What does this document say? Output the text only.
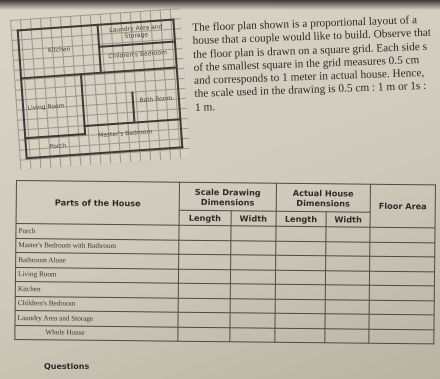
Laundry Area and Storage
Kitchen	Children's Bedroom
Living Room
Bath Room
Master's Bedroom
Porch

The floor plan shown is a proportional layout of a house that a couple would like to build. Observe that the floor plan is drawn on a square grid. Each side s of the smallest square in the grid measures 0.5 cm and corresponds to 1 meter in actual house. Hence, the scale used in the drawing is 0.5 cm : 1 m or 1s : 1 m.

Parts of the House	Scale Drawing Dimensions		Actual House Dimensions		Floor Area
	Length	Width	Length	Width	
Porch					
Master's Bedroom with Bathroom					
Bathroom Alone					
Living Room					
Kitchen					
Children's Bedroom					
Laundry Area and Storage					
Whole House					
Questions
